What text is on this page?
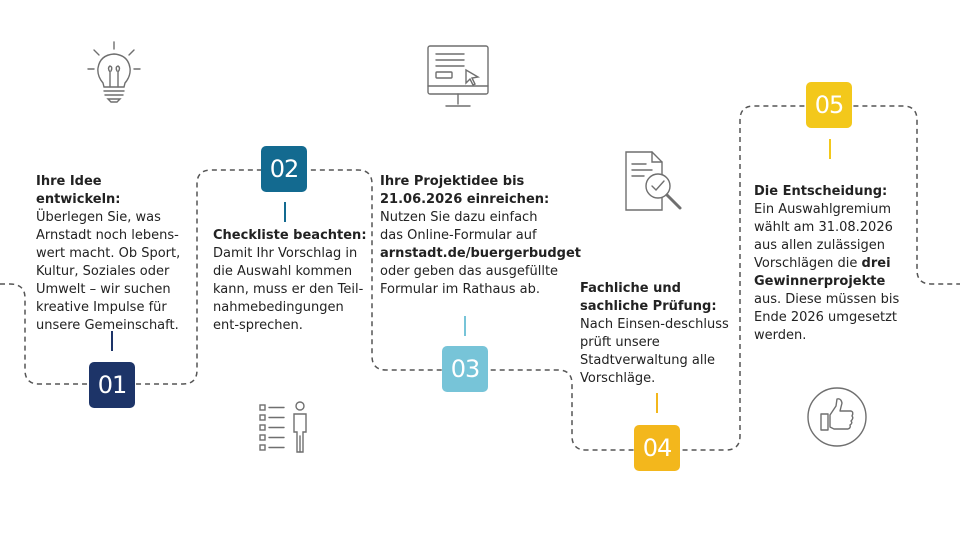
01
02
03
04
05
Ihre Idee entwickeln:
Überlegen Sie, was Arnstadt noch lebens-wert macht. Ob Sport, Kultur, Soziales oder Umwelt – wir suchen kreative Impulse für unsere Gemeinschaft.
Checkliste beachten:
Damit Ihr Vorschlag in die Auswahl kommen kann, muss er den Teil-nahmebedingungen ent-sprechen.
Ihre Projektidee bis 21.06.2026 einreichen:
Nutzen Sie dazu einfach das Online-Formular auf
arnstadt.de/buergerbudget
oder geben das ausgefüllte Formular im Rathaus ab.	Fachliche und sachliche Prüfung: Nach Einsen-deschluss prüft unsere Stadtverwaltung alle Vorschläge.
Die Entscheidung:
Ein Auswahlgremium wählt am 31.08.2026 aus allen zulässigen Vorschlägen die drei Gewinnerprojekte aus. Diese müssen bis Ende 2026 umgesetzt werden.
